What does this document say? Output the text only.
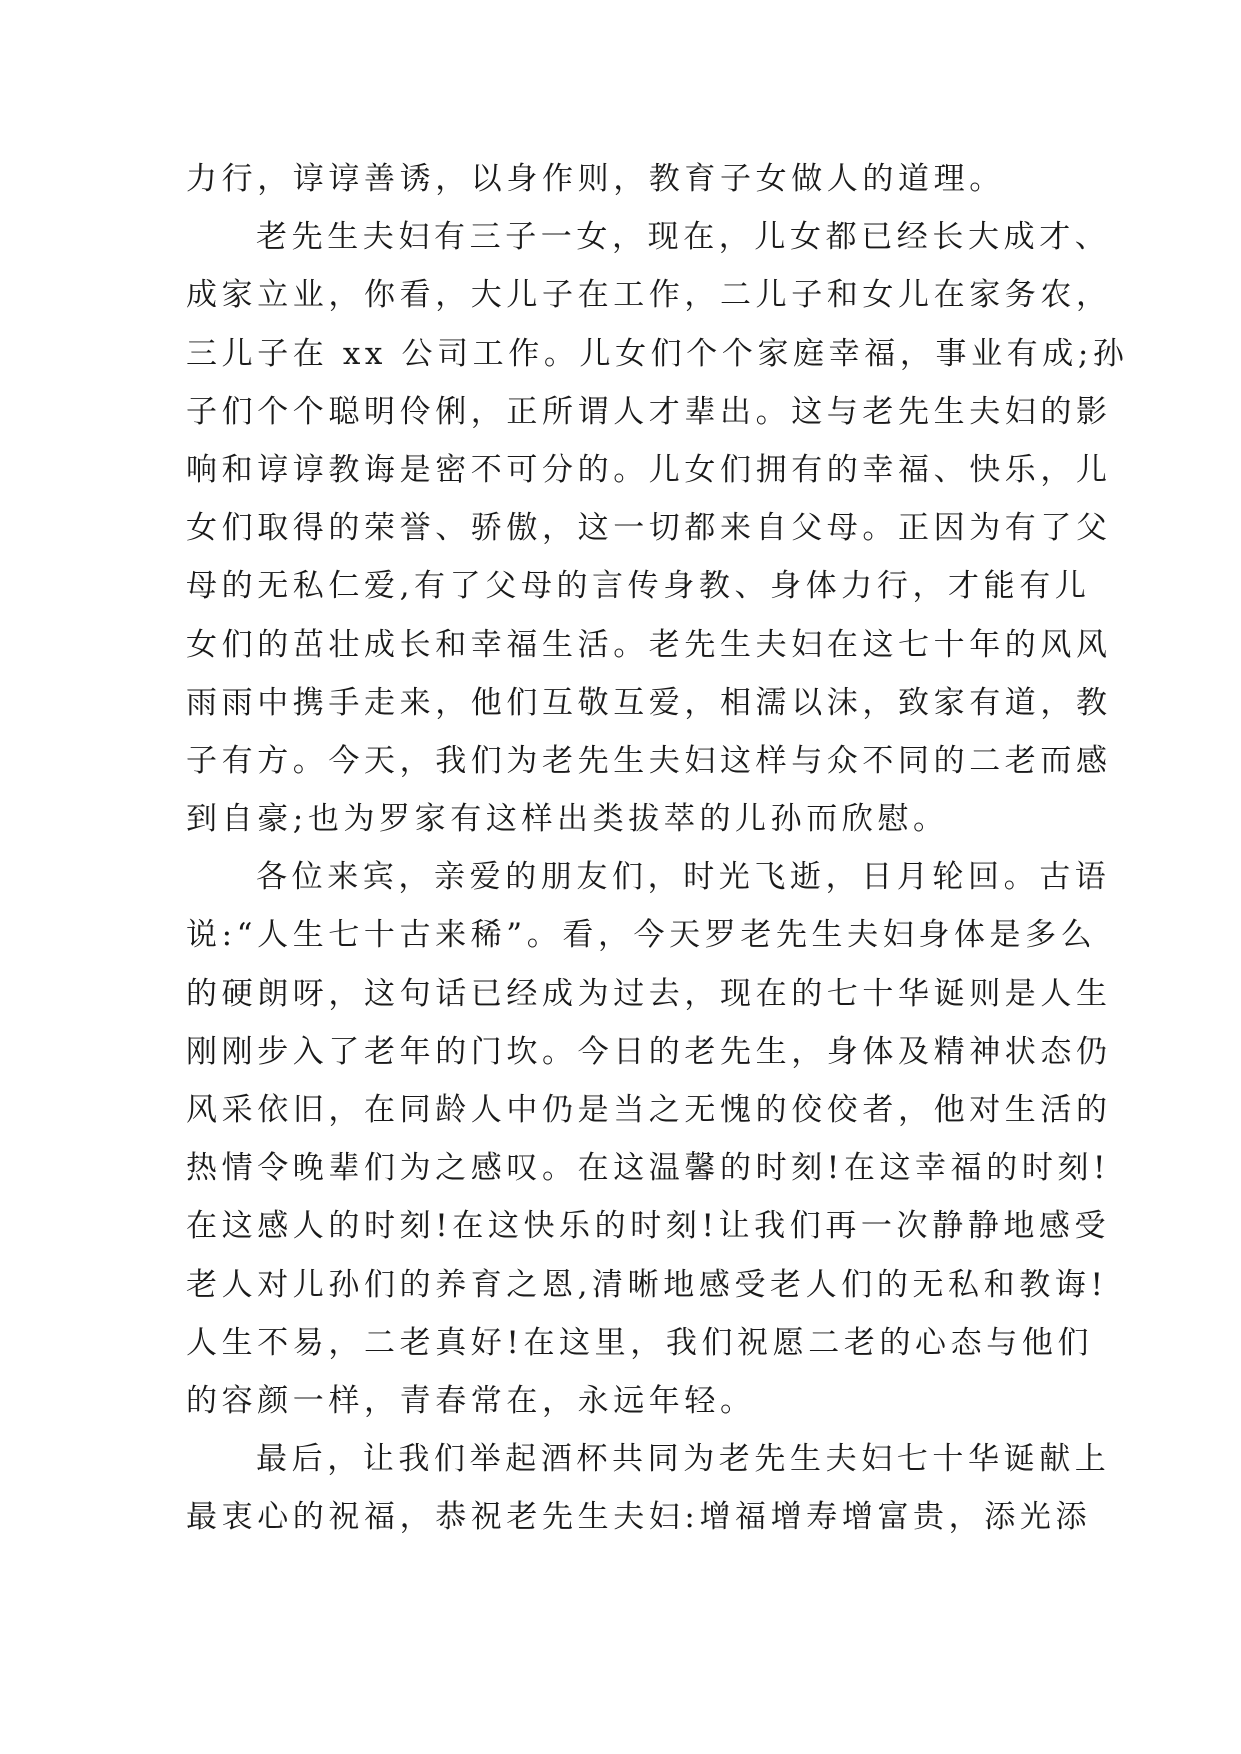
力行，谆谆善诱，以身作则，教育子女做人的道理。
老先生夫妇有三子一女，现在，儿女都已经长大成才、
成家立业，你看，大儿子在工作，二儿子和女儿在家务农，
三儿子在 xx 公司工作。儿女们个个家庭幸福，事业有成;孙
子们个个聪明伶俐，正所谓人才辈出。这与老先生夫妇的影
响和谆谆教诲是密不可分的。儿女们拥有的幸福、快乐，儿
女们取得的荣誉、骄傲，这一切都来自父母。正因为有了父
母的无私仁爱,有了父母的言传身教、身体力行，才能有儿
女们的茁壮成长和幸福生活。老先生夫妇在这七十年的风风
雨雨中携手走来，他们互敬互爱，相濡以沫，致家有道，教
子有方。今天，我们为老先生夫妇这样与众不同的二老而感
到自豪;也为罗家有这样出类拔萃的儿孙而欣慰。
各位来宾，亲爱的朋友们，时光飞逝，日月轮回。古语
说:“人生七十古来稀”。看，今天罗老先生夫妇身体是多么
的硬朗呀，这句话已经成为过去，现在的七十华诞则是人生
刚刚步入了老年的门坎。今日的老先生，身体及精神状态仍
风采依旧，在同龄人中仍是当之无愧的佼佼者，他对生活的
热情令晚辈们为之感叹。在这温馨的时刻!在这幸福的时刻!
在这感人的时刻!在这快乐的时刻!让我们再一次静静地感受
老人对儿孙们的养育之恩,清晰地感受老人们的无私和教诲!
人生不易，二老真好!在这里，我们祝愿二老的心态与他们
的容颜一样，青春常在，永远年轻。
最后，让我们举起酒杯共同为老先生夫妇七十华诞献上
最衷心的祝福，恭祝老先生夫妇:增福增寿增富贵，添光添
